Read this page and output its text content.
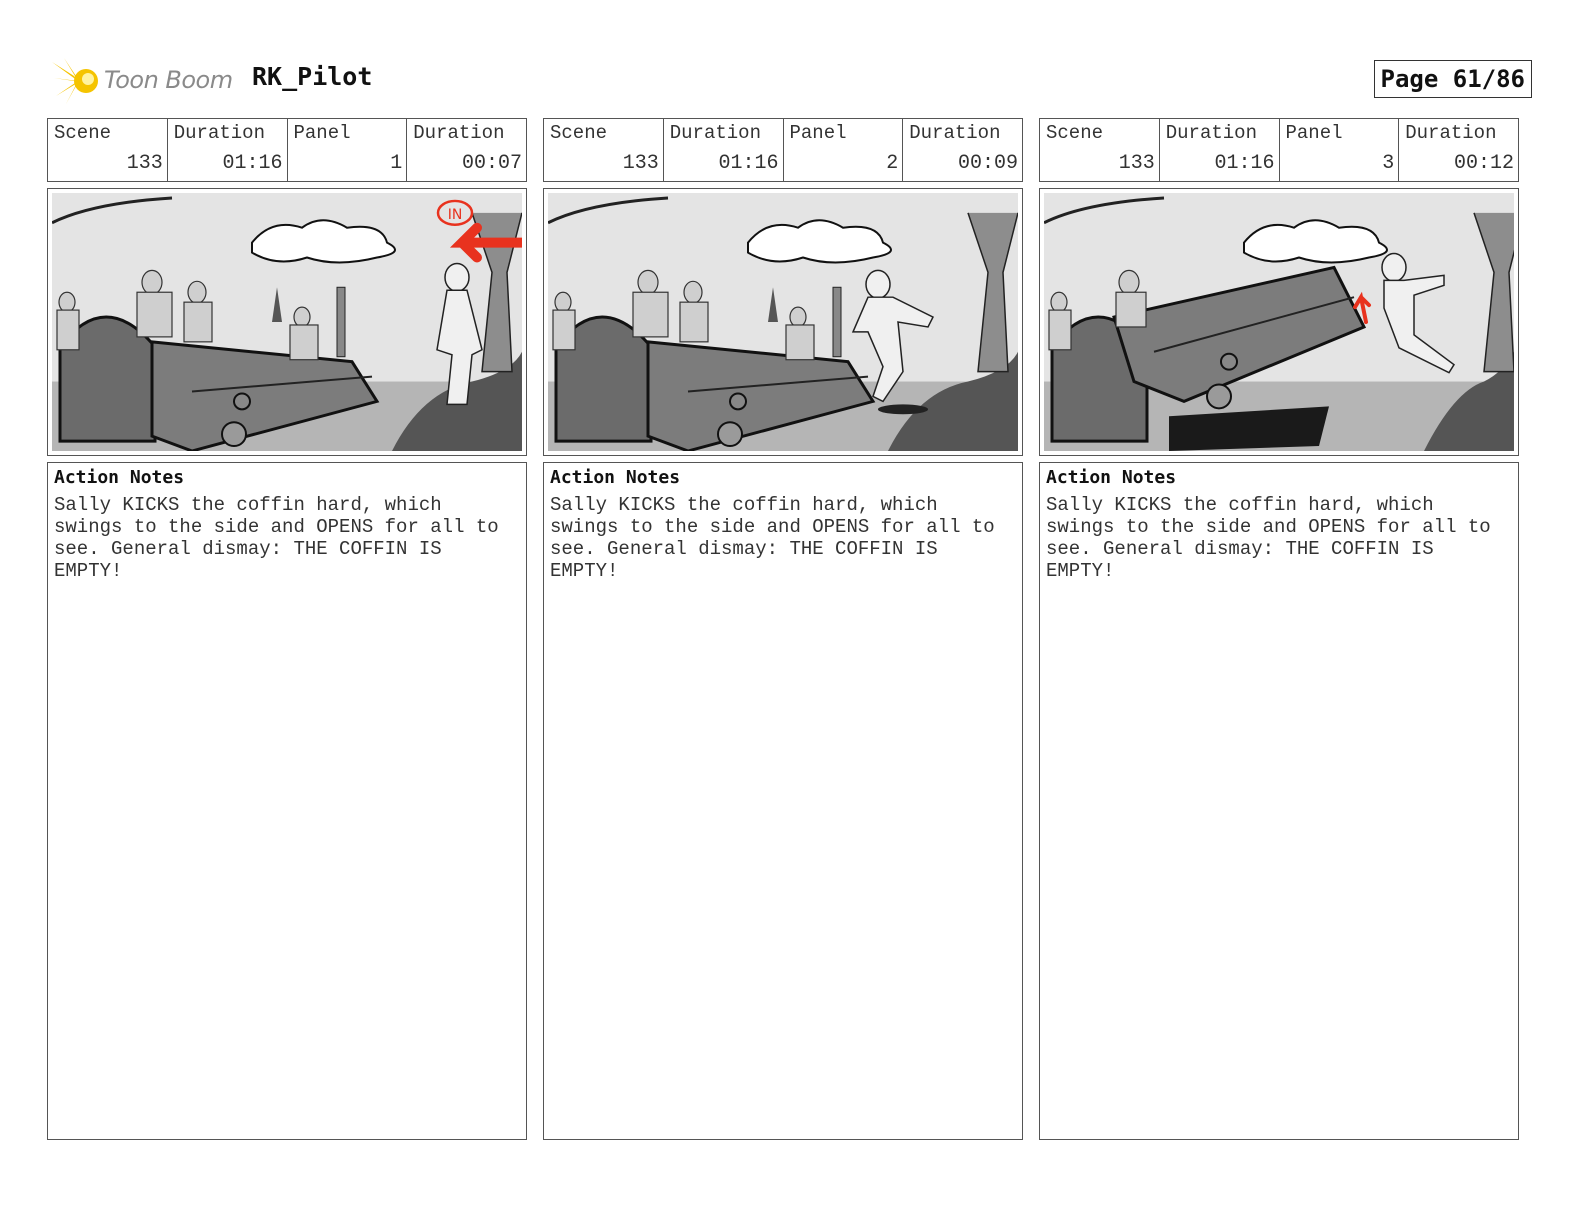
Toon Boom RK_Pilot	Page 61/86
Scene
133
Duration
01:16
Panel
1
Duration
00:07
IN
Action Notes
Sally KICKS the coffin hard, which
swings to the side and OPENS for all to
see. General dismay: THE COFFIN IS
EMPTY!
Scene
133
Duration
01:16
Panel
2
Duration
00:09
Action Notes
Sally KICKS the coffin hard, which
swings to the side and OPENS for all to
see. General dismay: THE COFFIN IS
EMPTY!
Scene
133
Duration
01:16
Panel
3
Duration
00:12
Action Notes
Sally KICKS the coffin hard, which
swings to the side and OPENS for all to
see. General dismay: THE COFFIN IS
EMPTY!
